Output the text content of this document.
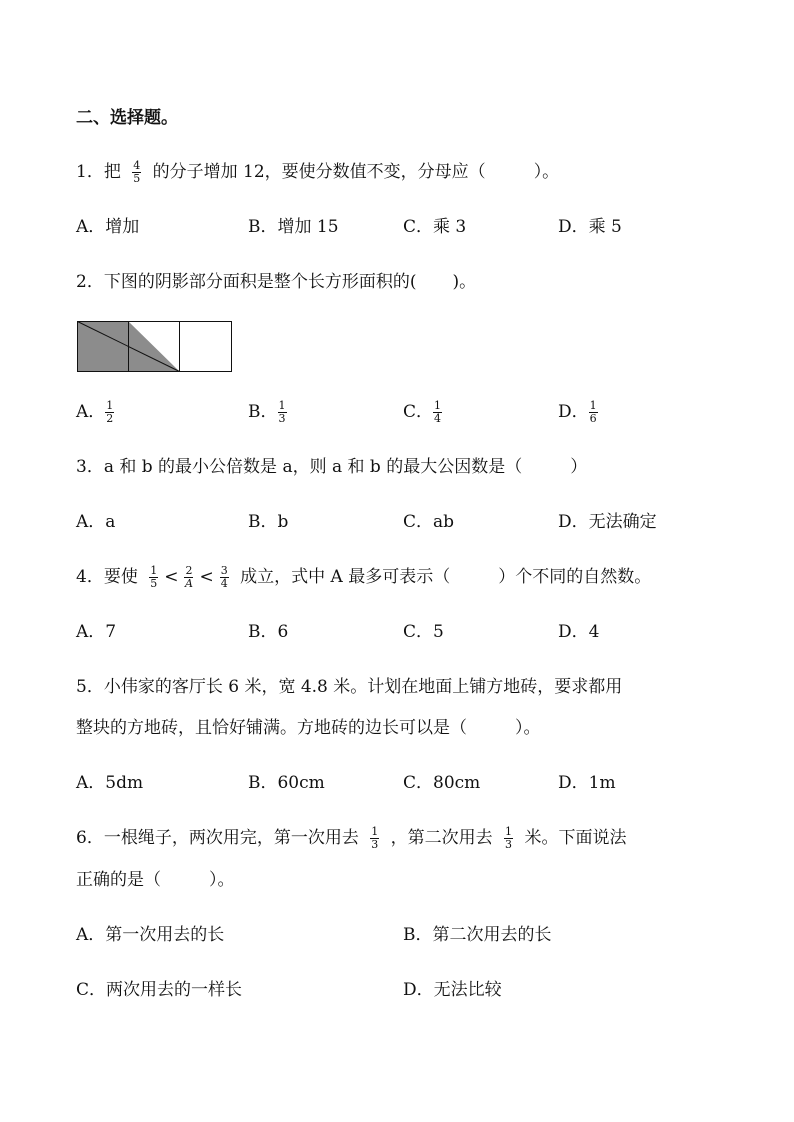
二、选择题。
1．把 $\frac{4}{5}$ 的分子增加 12，要使分数值不变，分母应（	）。
A．增加	B．增加 15	C．乘 3	D．乘 5
2．下图的阴影部分面积是整个长方形面积的( )。
A． $\frac{1}{2}$	B． $\frac{1}{3}$	C． $\frac{1}{4}$	D． $\frac{1}{6}$
3．a 和 b 的最小公倍数是 a，则 a 和 b 的最大公因数是（	）
A．a	B．b	C．ab	D．无法确定
4．要使 $\frac{1}{5} < \frac{2}{A} < \frac{3}{4}$ 成立，式中 A 最多可表示（	）个不同的自然数。
A．7	B．6	C．5	D．4
5．小伟家的客厅长 6 米，宽 4.8 米。计划在地面上铺方地砖，要求都用
整块的方地砖，且恰好铺满。方地砖的边长可以是（	）。
A．5dm	B．60cm	C．80cm	D．1m
6．一根绳子，两次用完，第一次用去 $\frac{1}{3}$ ，第二次用去 $\frac{1}{3}$ 米。下面说法
正确的是（	）。
A．第一次用去的长	B．第二次用去的长
C．两次用去的一样长	D．无法比较
